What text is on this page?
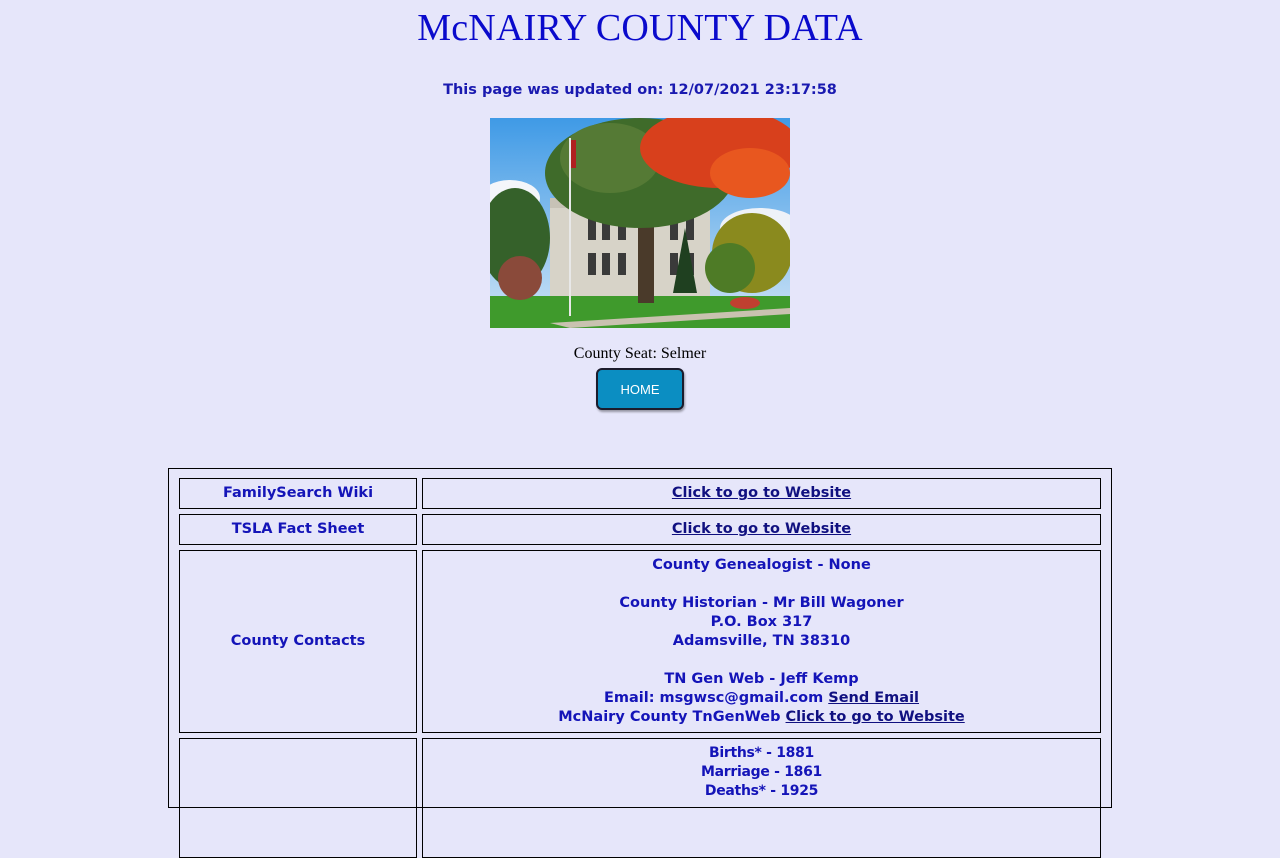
McNAIRY COUNTY DATA
This page was updated on: 12/07/2021 23:17:58
County Seat: Selmer
HOME
FamilySearch Wiki	Click to go to Website
TSLA Fact Sheet	Click to go to Website
County Contacts
County Genealogist - None
County Historian - Mr Bill Wagoner
P.O. Box 317
Adamsville, TN 38310
TN Gen Web - Jeff Kemp
Email: msgwsc@gmail.com Send Email
McNairy County TnGenWeb Click to go to Website
Births* - 1881
Marriage - 1861
Deaths* - 1925
